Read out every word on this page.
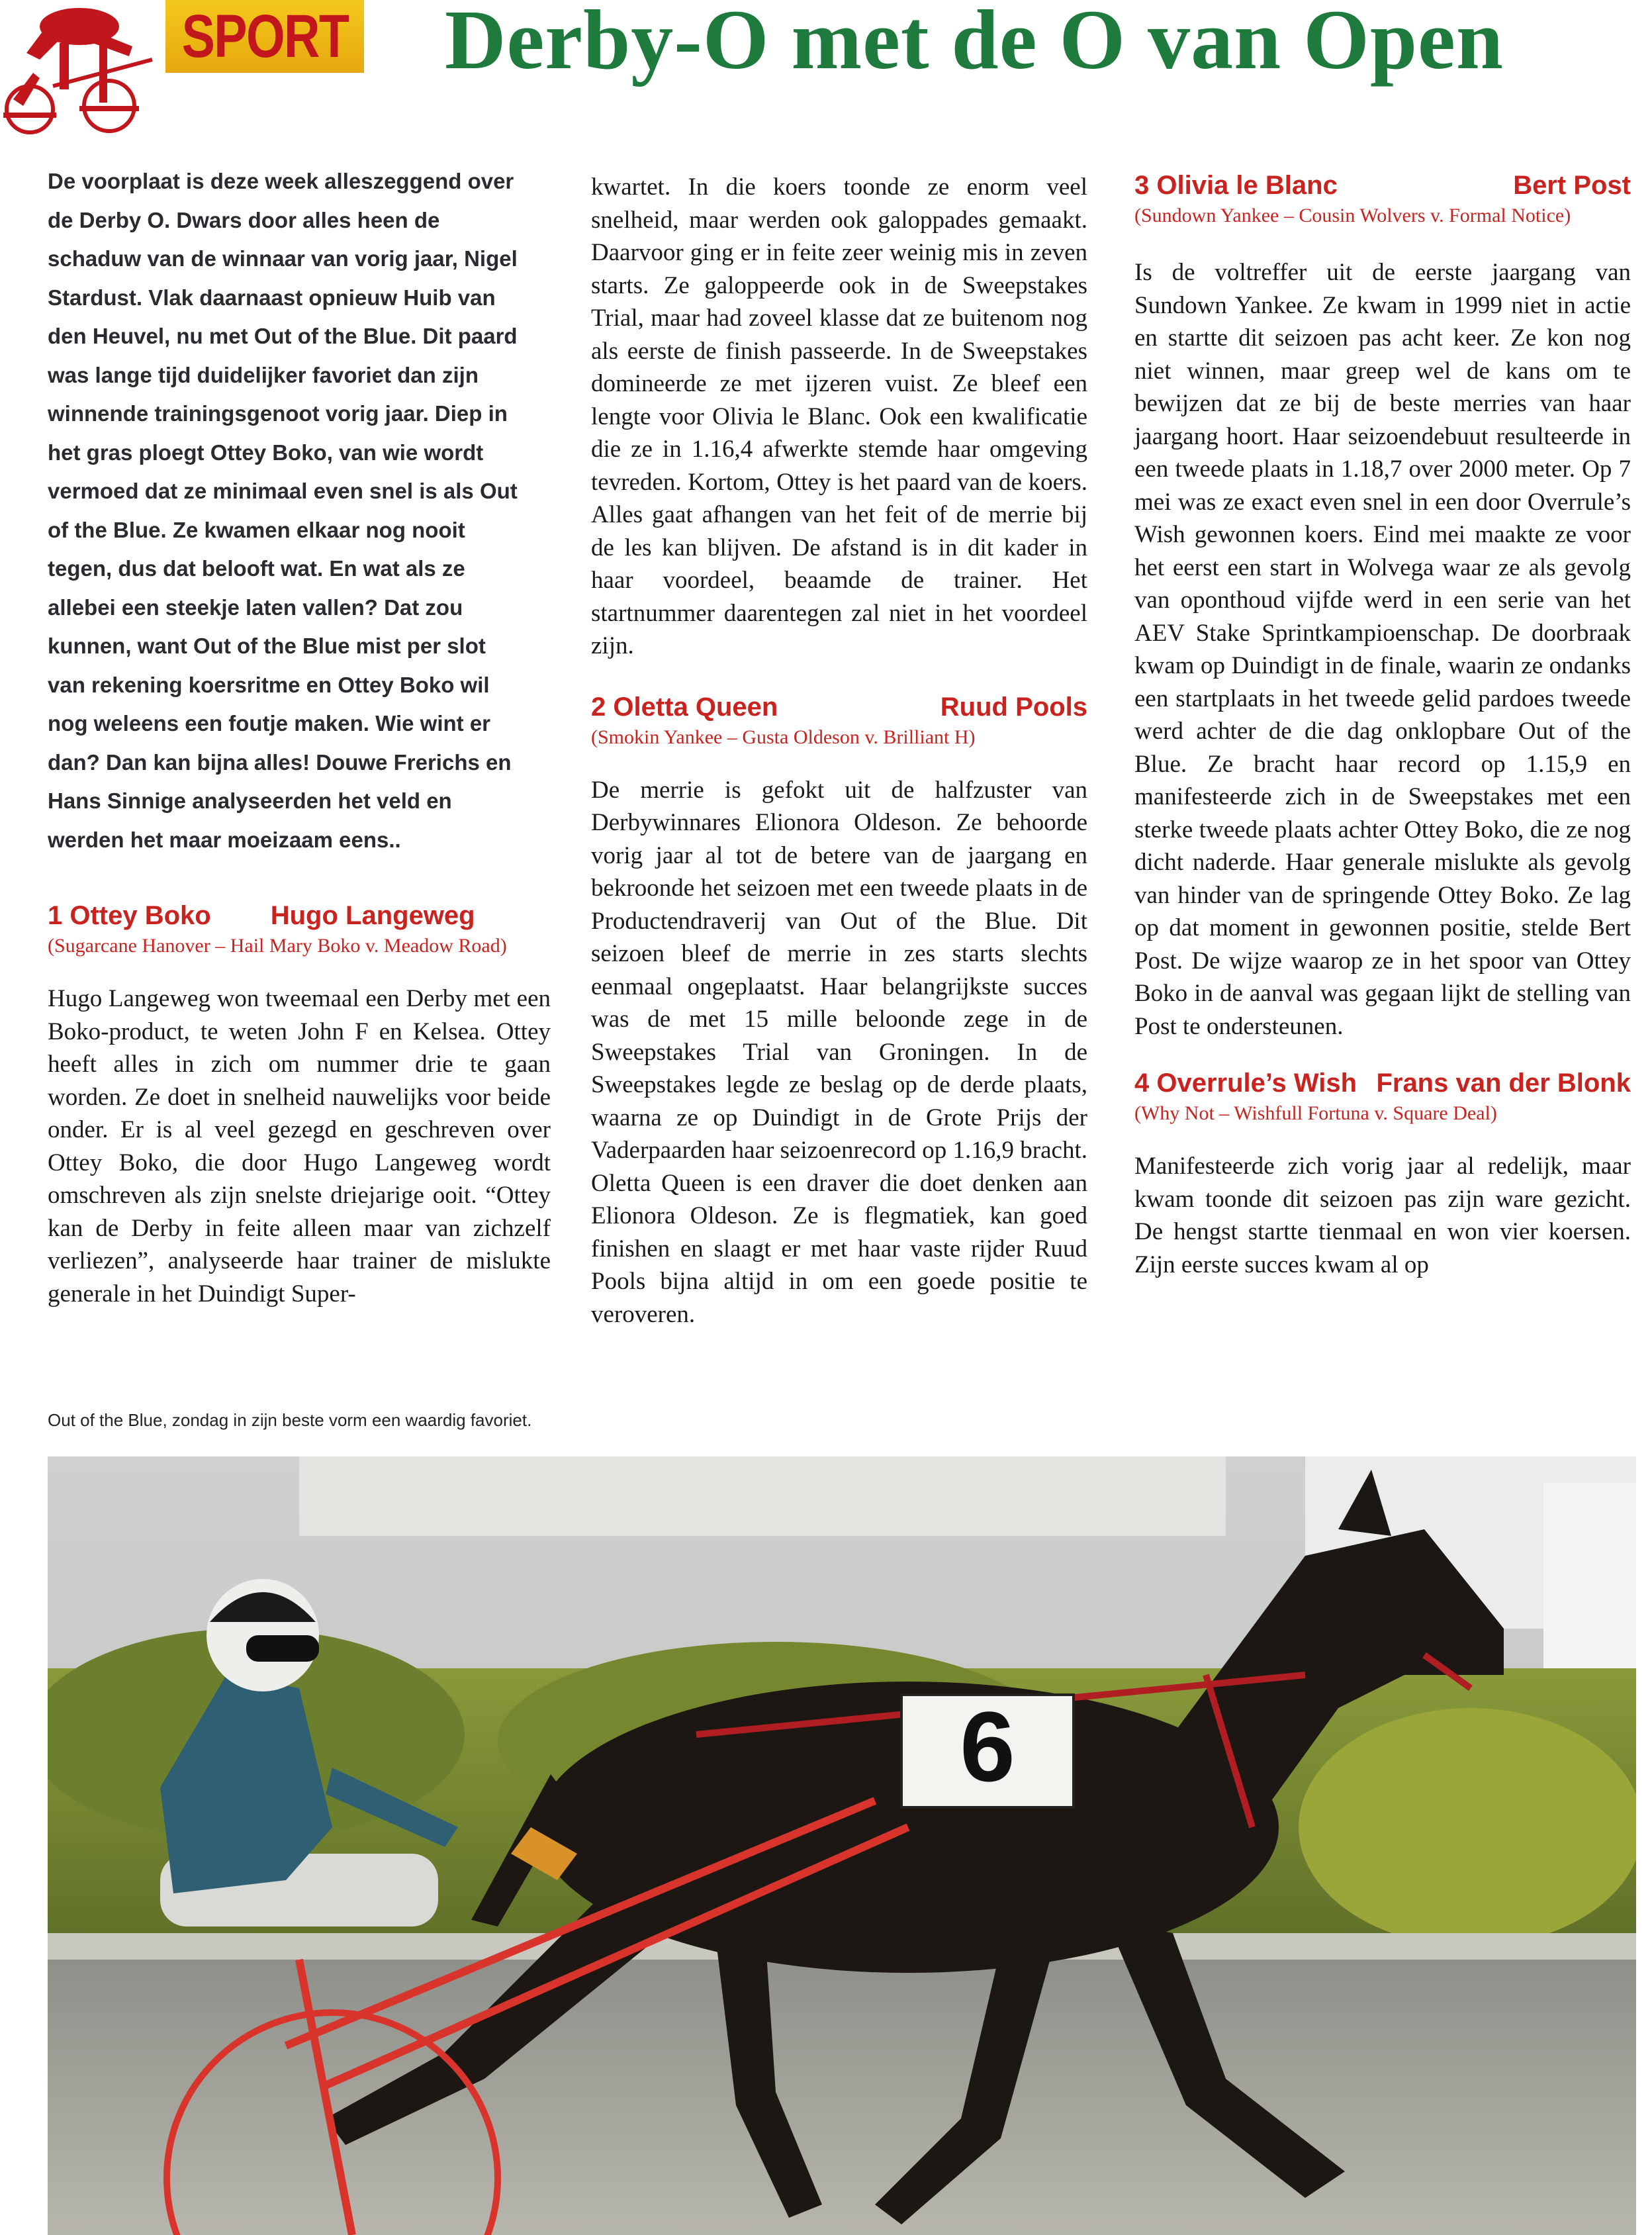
SPORT Derby-O met de O van Open

De voorplaat is deze week alleszeggend over

de Derby O. Dwars door alles heen de

schaduw van de winnaar van vorig jaar, Nigel

Stardust. Vlak daarnaast opnieuw Huib van

den Heuvel, nu met Out of the Blue. Dit paard

was lange tijd duidelijker favoriet dan zijn

winnende trainingsgenoot vorig jaar. Diep in

het gras ploegt Ottey Boko, van wie wordt

vermoed dat ze minimaal even snel is als Out

of the Blue. Ze kwamen elkaar nog nooit

tegen, dus dat belooft wat. En wat als ze

allebei een steekje laten vallen? Dat zou

kunnen, want Out of the Blue mist per slot

van rekening koersritme en Ottey Boko wil

nog weleens een foutje maken. Wie wint er

dan? Dan kan bijna alles! Douwe Frerichs en

Hans Sinnige analyseerden het veld en

werden het maar moeizaam eens..

1 Ottey Boko Hugo Langeweg
(Sugarcane Hanover – Hail Mary Boko v. Meadow Road)

Hugo Langeweg won tweemaal een Derby met een Boko-product, te weten John F en Kelsea. Ottey heeft alles in zich om nummer drie te gaan worden. Ze doet in snelheid nauwelijks voor beide onder. Er is al veel gezegd en geschreven over Ottey Boko, die door Hugo Langeweg wordt omschreven als zijn snelste driejarige ooit. “Ottey kan de Derby in feite alleen maar van zichzelf verliezen”, analyseerde haar trainer de mislukte generale in het Duindigt Super-

Out of the Blue, zondag in zijn beste vorm een waardig favoriet.

kwartet. In die koers toonde ze enorm veel snelheid, maar werden ook galoppades gemaakt. Daarvoor ging er in feite zeer weinig mis in zeven starts. Ze galoppeerde ook in de Sweepstakes Trial, maar had zoveel klasse dat ze buitenom nog als eerste de finish passeerde. In de Sweepstakes domineerde ze met ijzeren vuist. Ze bleef een lengte voor Olivia le Blanc. Ook een kwalificatie die ze in 1.16,4 afwerkte stemde haar omgeving tevreden. Kortom, Ottey is het paard van de koers. Alles gaat afhangen van het feit of de merrie bij de les kan blijven. De afstand is in dit kader in haar voordeel, beaamde de trainer. Het startnummer daarentegen zal niet in het voordeel zijn.

2 Oletta Queen	Ruud Pools
(Smokin Yankee – Gusta Oldeson v. Brilliant H)

De merrie is gefokt uit de halfzuster van Derbywinnares Elionora Oldeson. Ze behoorde vorig jaar al tot de betere van de jaargang en bekroonde het seizoen met een tweede plaats in de Productendraverij van Out of the Blue. Dit seizoen bleef de merrie in zes starts slechts eenmaal ongeplaatst. Haar belangrijkste succes was de met 15 mille beloonde zege in de Sweepstakes Trial van Groningen. In de Sweepstakes legde ze beslag op de derde plaats, waarna ze op Duindigt in de Grote Prijs der Vaderpaarden haar seizoenrecord op 1.16,9 bracht. Oletta Queen is een draver die doet denken aan Elionora Oldeson. Ze is flegmatiek, kan goed finishen en slaagt er met haar vaste rijder Ruud Pools bijna altijd in om een goede positie te veroveren.

3 Olivia le Blanc	Bert Post
(Sundown Yankee – Cousin Wolvers v. Formal Notice)

Is de voltreffer uit de eerste jaargang van Sundown Yankee. Ze kwam in 1999 niet in actie en startte dit seizoen pas acht keer. Ze kon nog niet winnen, maar greep wel de kans om te bewijzen dat ze bij de beste merries van haar jaargang hoort. Haar seizoendebuut resulteerde in een tweede plaats in 1.18,7 over 2000 meter. Op 7 mei was ze exact even snel in een door Overrule’s Wish gewonnen koers. Eind mei maakte ze voor het eerst een start in Wolvega waar ze als gevolg van oponthoud vijfde werd in een serie van het AEV Stake Sprintkampioenschap. De doorbraak kwam op Duindigt in de finale, waarin ze ondanks een startplaats in het tweede gelid pardoes tweede werd achter de die dag onklopbare Out of the Blue. Ze bracht haar record op 1.15,9 en manifesteerde zich in de Sweepstakes met een sterke tweede plaats achter Ottey Boko, die ze nog dicht naderde. Haar generale mislukte als gevolg van hinder van de springende Ottey Boko. Ze lag op dat moment in gewonnen positie, stelde Bert Post. De wijze waarop ze in het spoor van Ottey Boko in de aanval was gegaan lijkt de stelling van Post te ondersteunen.

4 Overrule’s Wish Frans van der Blonk
(Why Not – Wishfull Fortuna v. Square Deal)

Manifesteerde zich vorig jaar al redelijk, maar kwam toonde dit seizoen pas zijn ware gezicht. De hengst startte tienmaal en won vier koersen. Zijn eerste succes kwam al op

6
